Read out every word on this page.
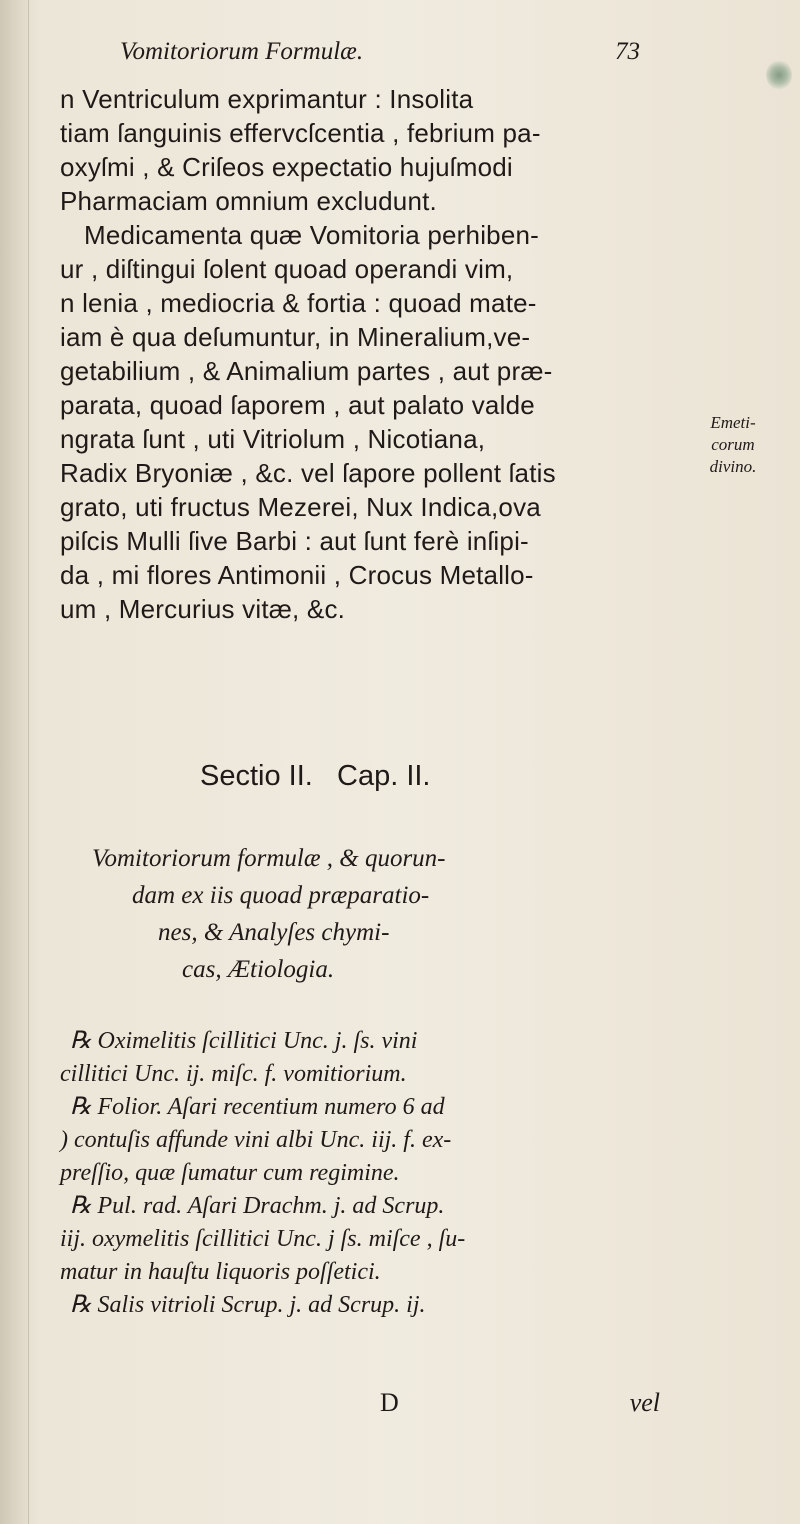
Vomitoriorum Formulæ.	73
n Ventriculum exprimantur : Insolita
tiam ſanguinis effervcſcentia , febrium pa-
oxyſmi , & Criſeos expectatio hujuſmodi
Pharmaciam omnium excludunt.
Medicamenta quæ Vomitoria perhiben-
ur , diſtingui ſolent quoad operandi vim,
n lenia , mediocria & fortia : quoad mate-
iam è qua deſumuntur, in Mineralium,ve-
getabilium , & Animalium partes , aut præ-
parata, quoad ſaporem , aut palato valde
ngrata ſunt , uti Vitriolum , Nicotiana,
Radix Bryoniæ , &c. vel ſapore pollent ſatis
grato, uti fructus Mezerei, Nux Indica,ova
piſcis Mulli ſive Barbi : aut ſunt ferè inſipi-
da , mi flores Antimonii , Crocus Metallo-
um , Mercurius vitæ, &c.
Emeti-
corum
divino.
Sectio II.   Cap. II.
Vomitoriorum formulæ , & quorun-
dam ex iis quoad præparatio-
nes, & Analyſes chymi-
cas, Ætiologia.
℞ Oximelitis ſcillitici Unc. j. ſs. vini
cillitici Unc. ij. miſc. f. vomitiorium.
℞ Folior. Aſari recentium numero 6 ad
) contuſis affunde vini albi Unc. iij. f. ex-
preſſio, quæ ſumatur cum regimine.
℞ Pul. rad. Aſari Drachm. j. ad Scrup.
iij. oxymelitis ſcillitici Unc. j ſs. miſce , ſu-
matur in hauſtu liquoris poſſetici.
℞ Salis vitrioli Scrup. j. ad Scrup. ij.
D	vel
